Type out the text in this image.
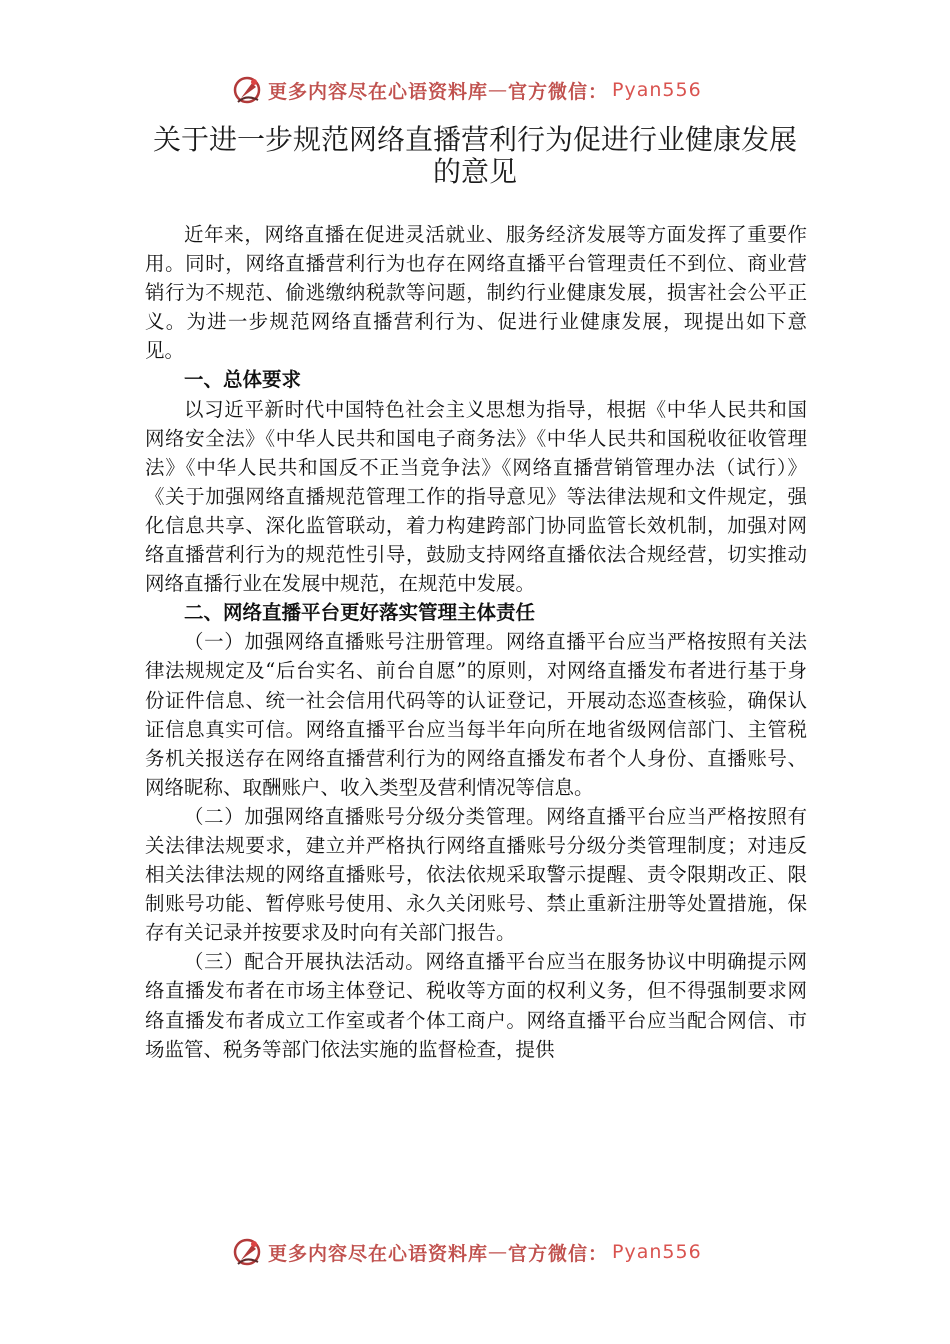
更多内容尽在心语资料库 — 官方微信： Pyan556
关于进一步规范网络直播营利行为促进行业健康发展
的意见

近年来，网络直播在促进灵活就业、服务经济发展等方面发挥了重要作用。同时，网络直播营利行为也存在网络直播平台管理责任不到位、商业营销行为不规范、偷逃缴纳税款等问题，制约行业健康发展，损害社会公平正义。为进一步规范网络直播营利行为、促进行业健康发展，现提出如下意见。

一、总体要求

以习近平新时代中国特色社会主义思想为指导，根据《中华人民共和国网络安全法》《中华人民共和国电子商务法》《中华人民共和国税收征收管理法》《中华人民共和国反不正当竞争法》《网络直播营销管理办法（试行）》《关于加强网络直播规范管理工作的指导意见》等法律法规和文件规定，强化信息共享、深化监管联动，着力构建跨部门协同监管长效机制，加强对网络直播营利行为的规范性引导，鼓励支持网络直播依法合规经营，切实推动网络直播行业在发展中规范，在规范中发展。

二、网络直播平台更好落实管理主体责任

（一）加强网络直播账号注册管理。网络直播平台应当严格按照有关法律法规规定及“后台实名、前台自愿”的原则，对网络直播发布者进行基于身份证件信息、统一社会信用代码等的认证登记，开展动态巡查核验，确保认证信息真实可信。网络直播平台应当每半年向所在地省级网信部门、主管税务机关报送存在网络直播营利行为的网络直播发布者个人身份、直播账号、网络昵称、取酬账户、收入类型及营利情况等信息。

（二）加强网络直播账号分级分类管理。网络直播平台应当严格按照有关法律法规要求，建立并严格执行网络直播账号分级分类管理制度；对违反相关法律法规的网络直播账号，依法依规采取警示提醒、责令限期改正、限制账号功能、暂停账号使用、永久关闭账号、禁止重新注册等处置措施，保存有关记录并按要求及时向有关部门报告。

（三）配合开展执法活动。网络直播平台应当在服务协议中明确提示网络直播发布者在市场主体登记、税收等方面的权利义务，但不得强制要求网络直播发布者成立工作室或者个体工商户。网络直播平台应当配合网信、市场监管、税务等部门依法实施的监督检查，提供

更多内容尽在心语资料库 — 官方微信： Pyan556
